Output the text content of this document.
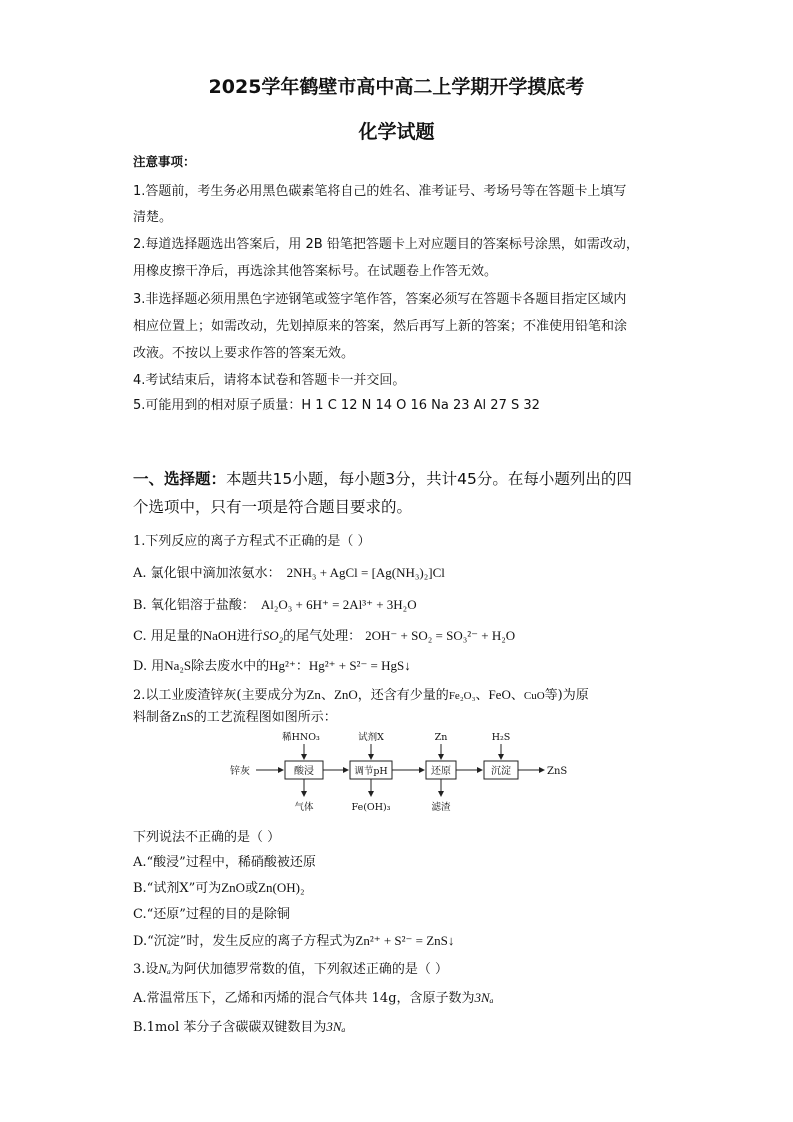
2025学年鹤壁市高中高二上学期开学摸底考
化学试题
注意事项：
1.答题前，考生务必用黑色碳素笔将自己的姓名、准考证号、考场号等在答题卡上填写
清楚。
2.每道选择题选出答案后，用 2B 铅笔把答题卡上对应题目的答案标号涂黑，如需改动，
用橡皮擦干净后，再选涂其他答案标号。在试题卷上作答无效。
3.非选择题必须用黑色字迹钢笔或签字笔作答，答案必须写在答题卡各题目指定区域内
相应位置上；如需改动，先划掉原来的答案，然后再写上新的答案；不准使用铅笔和涂
改液。不按以上要求作答的答案无效。
4.考试结束后，请将本试卷和答题卡一并交回。
5.可能用到的相对原子质量：H 1 C 12 N 14 O 16 Na 23 Al 27 S 32
一、选择题：本题共15小题，每小题3分，共计45分。在每小题列出的四
个选项中，只有一项是符合题目要求的。
1.下列反应的离子方程式不正确的是（ ）
A. 氯化银中滴加浓氨水： 2NH₃ + AgCl = [Ag(NH₃)₂]Cl
B. 氧化铝溶于盐酸： Al₂O₃ + 6H⁺ = 2Al³⁺ + 3H₂O
C. 用足量的NaOH进行SO₂的尾气处理： 2OH⁻ + SO₂ = SO₃²⁻ + H₂O
D. 用Na₂S除去废水中的Hg²⁺：Hg²⁺ + S²⁻ = HgS↓
2.以工业废渣锌灰(主要成分为Zn、ZnO，还含有少量的Fe₂O₃、FeO、CuO等)为原
料制备ZnS的工艺流程图如图所示：
锌灰	酸浸	调节pH	还原	沉淀	ZnS
稀HNO₃	试剂X	Zn	H₂S
气体	Fe(OH)₃	滤渣
下列说法不正确的是（ ）
A.“酸浸”过程中，稀硝酸被还原
B.“试剂X”可为ZnO或Zn(OH)₂
C.“还原”过程的目的是除铜
D.“沉淀”时，发生反应的离子方程式为Zn²⁺ + S²⁻ = ZnS↓
3.设Nₐ为阿伏加德罗常数的值，下列叙述正确的是（ ）
A.常温常压下，乙烯和丙烯的混合气体共 14g，含原子数为3Nₐ
B.1mol 苯分子含碳碳双键数目为3Nₐ
